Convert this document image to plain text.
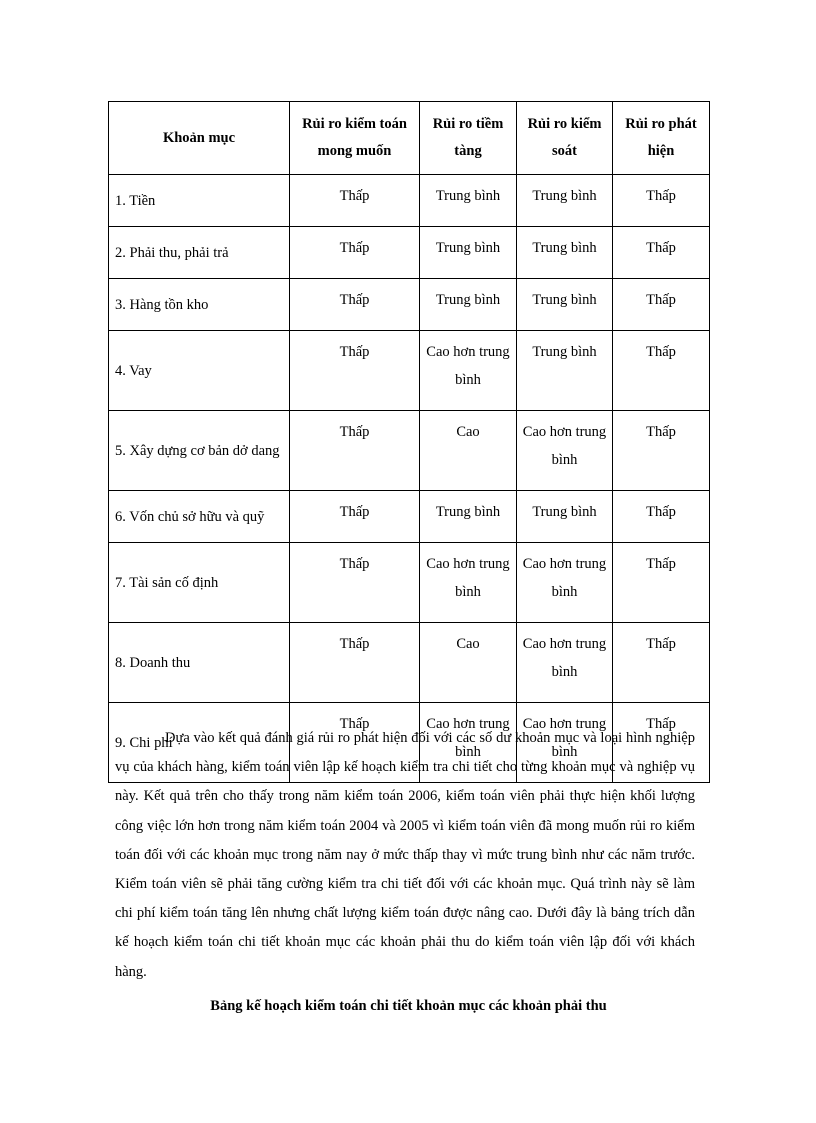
Khoản mục	Rủi ro kiểm toán mong muốn	Rủi ro tiềm tàng	Rủi ro kiểm soát	Rủi ro phát hiện
1. Tiền	Thấp	Trung bình	Trung bình	Thấp
2. Phải thu, phải trả	Thấp	Trung bình	Trung bình	Thấp
3. Hàng tồn kho	Thấp	Trung bình	Trung bình	Thấp
4. Vay	Thấp	Cao hơn trung bình	Trung bình	Thấp
5. Xây dựng cơ bản dở dang	Thấp	Cao	Cao hơn trung bình	Thấp
6. Vốn chủ sở hữu và quỹ	Thấp	Trung bình	Trung bình	Thấp
7. Tài sản cố định	Thấp	Cao hơn trung bình	Cao hơn trung bình	Thấp
8. Doanh thu	Thấp	Cao	Cao hơn trung bình	Thấp
9. Chi phí	Thấp	Cao hơn trung bình	Cao hơn trung bình	Thấp

Dựa vào kết quả đánh giá rủi ro phát hiện đối với các số dư khoản mục và loại hình nghiệp vụ của khách hàng, kiểm toán viên lập kế hoạch kiểm tra chi tiết cho từng khoản mục và nghiệp vụ này. Kết quả trên cho thấy trong năm kiểm toán 2006, kiểm toán viên phải thực hiện khối lượng công việc lớn hơn trong năm kiểm toán 2004 và 2005 vì kiểm toán viên đã mong muốn rủi ro kiểm toán đối với các khoản mục trong năm nay ở mức thấp thay vì mức trung bình như các năm trước. Kiểm toán viên sẽ phải tăng cường kiểm tra chi tiết đối với các khoản mục. Quá trình này sẽ làm chi phí kiểm toán tăng lên nhưng chất lượng kiểm toán được nâng cao. Dưới đây là bảng trích dẫn kế hoạch kiểm toán chi tiết khoản mục các khoản phải thu do kiểm toán viên lập đối với khách hàng.

Bảng kế hoạch kiểm toán chi tiết khoản mục các khoản phải thu
